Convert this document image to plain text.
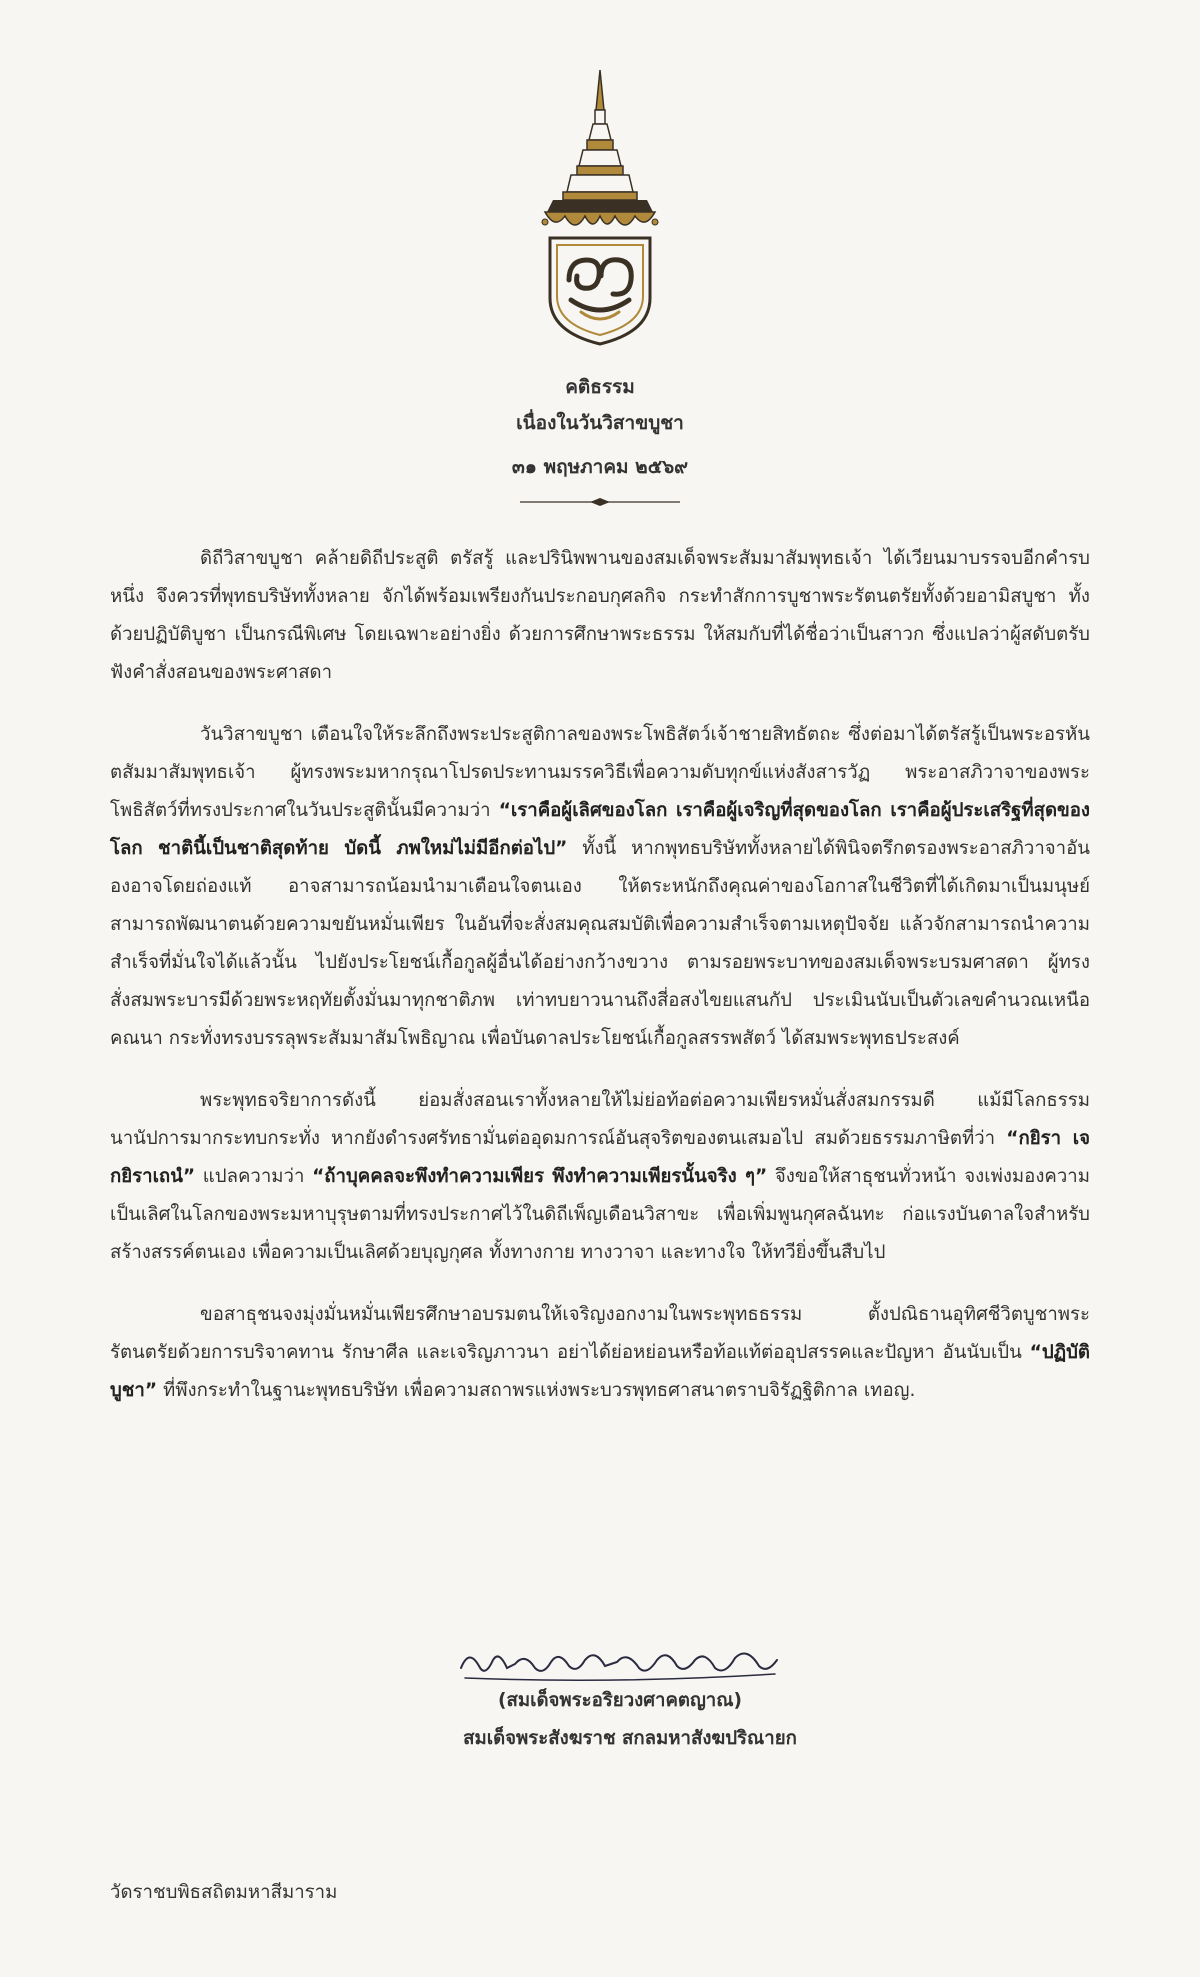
คติธรรม
เนื่องในวันวิสาขบูชา
๓๑ พฤษภาคม ๒๕๖๙

ดิถีวิสาขบูชา คล้ายดิถีประสูติ ตรัสรู้ และปรินิพพานของสมเด็จพระสัมมาสัมพุทธเจ้า ได้เวียนมาบรรจบอีกคำรบหนึ่ง จึงควรที่พุทธบริษัททั้งหลาย จักได้พร้อมเพรียงกันประกอบกุศลกิจ กระทำสักการบูชาพระรัตนตรัยทั้งด้วยอามิสบูชา ทั้งด้วยปฏิบัติบูชา เป็นกรณีพิเศษ โดยเฉพาะอย่างยิ่ง ด้วยการศึกษาพระธรรม ให้สมกับที่ได้ชื่อว่าเป็นสาวก ซึ่งแปลว่าผู้สดับตรับฟังคำสั่งสอนของพระศาสดา

วันวิสาขบูชา เตือนใจให้ระลึกถึงพระประสูติกาลของพระโพธิสัตว์เจ้าชายสิทธัตถะ ซึ่งต่อมาได้ตรัสรู้เป็นพระอรหันตสัมมาสัมพุทธเจ้า ผู้ทรงพระมหากรุณาโปรดประทานมรรควิธีเพื่อความดับทุกข์แห่งสังสารวัฏ พระอาสภิวาจาของพระโพธิสัตว์ที่ทรงประกาศในวันประสูตินั้นมีความว่า “เราคือผู้เลิศของโลก เราคือผู้เจริญที่สุดของโลก เราคือผู้ประเสริฐที่สุดของโลก ชาตินี้เป็นชาติสุดท้าย บัดนี้ ภพใหม่ไม่มีอีกต่อไป” ทั้งนี้ หากพุทธบริษัททั้งหลายได้พินิจตรึกตรองพระอาสภิวาจาอันองอาจโดยถ่องแท้ อาจสามารถน้อมนำมาเตือนใจตนเอง ให้ตระหนักถึงคุณค่าของโอกาสในชีวิตที่ได้เกิดมาเป็นมนุษย์ สามารถพัฒนาตนด้วยความขยันหมั่นเพียร ในอันที่จะสั่งสมคุณสมบัติเพื่อความสำเร็จตามเหตุปัจจัย แล้วจักสามารถนำความสำเร็จที่มั่นใจได้แล้วนั้น ไปยังประโยชน์เกื้อกูลผู้อื่นได้อย่างกว้างขวาง ตามรอยพระบาทของสมเด็จพระบรมศาสดา ผู้ทรงสั่งสมพระบารมีด้วยพระหฤทัยตั้งมั่นมาทุกชาติภพ เท่าทบยาวนานถึงสี่อสงไขยแสนกัป ประเมินนับเป็นตัวเลขคำนวณเหนือคณนา กระทั่งทรงบรรลุพระสัมมาสัมโพธิญาณ เพื่อบันดาลประโยชน์เกื้อกูลสรรพสัตว์ ได้สมพระพุทธประสงค์

พระพุทธจริยาการดังนี้ ย่อมสั่งสอนเราทั้งหลายให้ไม่ย่อท้อต่อความเพียรหมั่นสั่งสมกรรมดี แม้มีโลกธรรมนานัปการมากระทบกระทั่ง หากยังดำรงศรัทธามั่นต่ออุดมการณ์อันสุจริตของตนเสมอไป สมด้วยธรรมภาษิตที่ว่า “กยิรา เจ กยิราเถนํ” แปลความว่า “ถ้าบุคคลจะพึงทำความเพียร พึงทำความเพียรนั้นจริง ๆ” จึงขอให้สาธุชนทั่วหน้า จงเพ่งมองความเป็นเลิศในโลกของพระมหาบุรุษตามที่ทรงประกาศไว้ในดิถีเพ็ญเดือนวิสาขะ เพื่อเพิ่มพูนกุศลฉันทะ ก่อแรงบันดาลใจสำหรับสร้างสรรค์ตนเอง เพื่อความเป็นเลิศด้วยบุญกุศล ทั้งทางกาย ทางวาจา และทางใจ ให้ทวียิ่งขึ้นสืบไป

ขอสาธุชนจงมุ่งมั่นหมั่นเพียรศึกษาอบรมตนให้เจริญงอกงามในพระพุทธธรรม ตั้งปณิธานอุทิศชีวิตบูชาพระรัตนตรัยด้วยการบริจาคทาน รักษาศีล และเจริญภาวนา อย่าได้ย่อหย่อนหรือท้อแท้ต่ออุปสรรคและปัญหา อันนับเป็น “ปฏิบัติบูชา” ที่พึงกระทำในฐานะพุทธบริษัท เพื่อความสถาพรแห่งพระบวรพุทธศาสนาตราบจิรัฏฐิติกาล เทอญ.

(สมเด็จพระอริยวงศาคตญาณ)
สมเด็จพระสังฆราช สกลมหาสังฆปริณายก
วัดราชบพิธสถิตมหาสีมาราม
